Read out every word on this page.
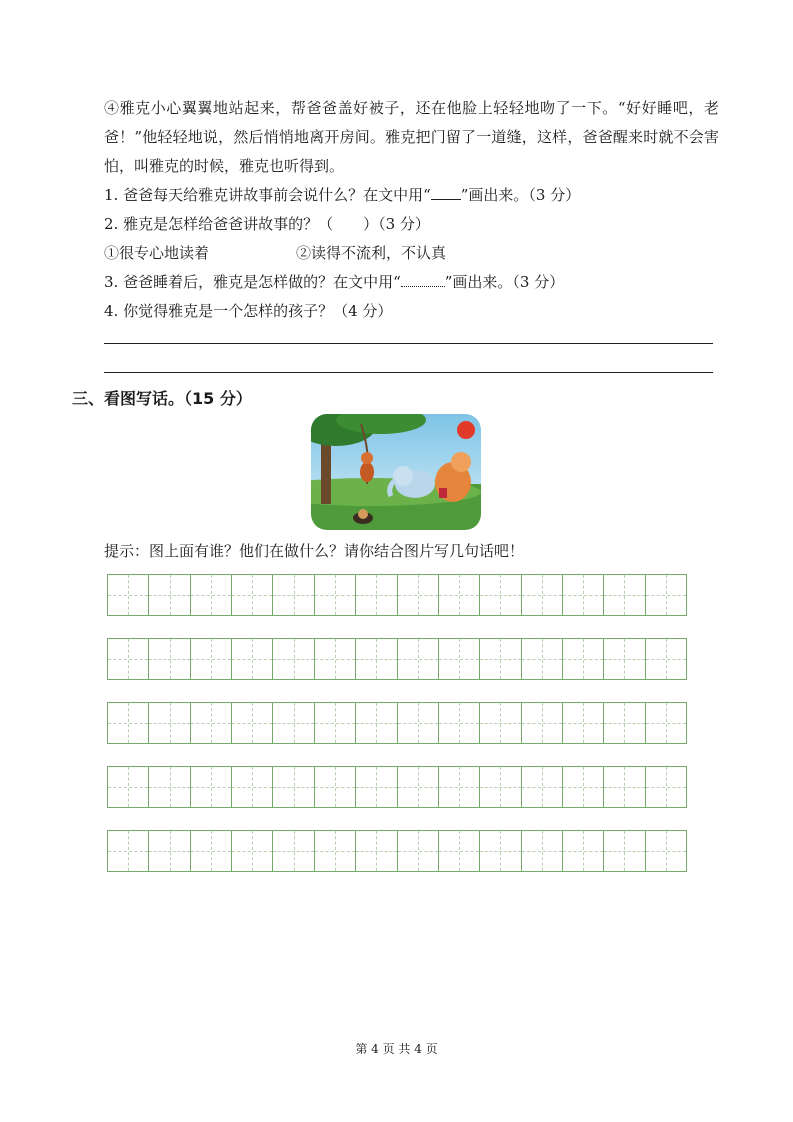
④雅克小心翼翼地站起来，帮爸爸盖好被子，还在他脸上轻轻地吻了一下。“好好睡吧，老爸！”他轻轻地说，然后悄悄地离开房间。雅克把门留了一道缝，这样，爸爸醒来时就不会害怕，叫雅克的时候，雅克也听得到。
1. 爸爸每天给雅克讲故事前会说什么？在文中用“ ”画出来。（3 分）
2. 雅克是怎样给爸爸讲故事的？（　　）（3 分）
①很专心地读着	②读得不流利，不认真
3. 爸爸睡着后，雅克是怎样做的？在文中用“	”画出来。（3 分）
4. 你觉得雅克是一个怎样的孩子？（4 分）
三、看图写话。（15 分）
提示：图上面有谁？他们在做什么？请你结合图片写几句话吧！
第 4 页 共 4 页
